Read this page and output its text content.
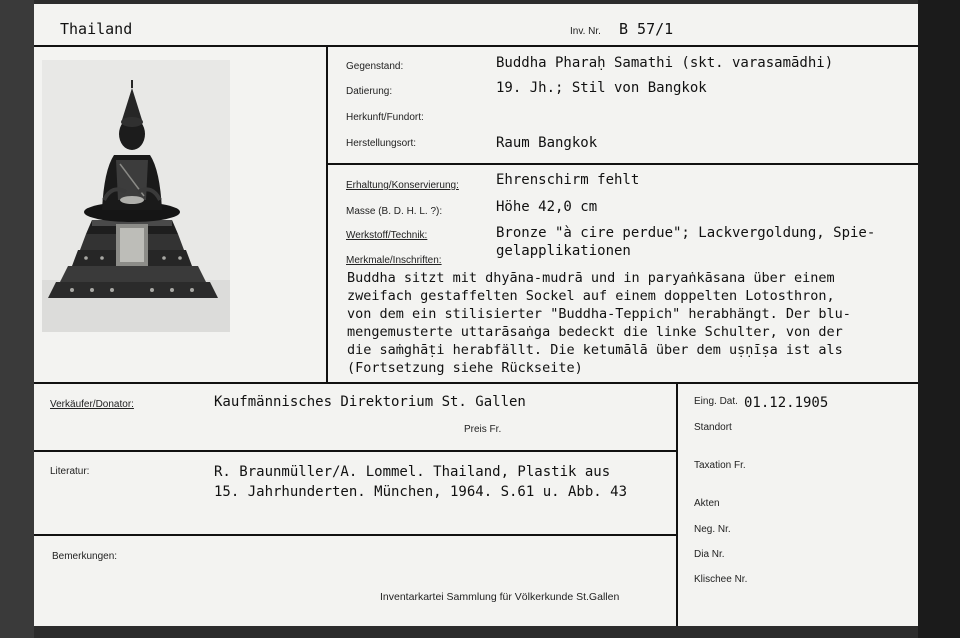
Thailand	Inv. Nr. B 57/1
Gegenstand:	Buddha Pharaḥ Samathi (skt. varasamādhi)
Datierung:	19. Jh.; Stil von Bangkok
Herkunft/Fundort:
Herstellungsort:	Raum Bangkok
Erhaltung/Konservierung:	Ehrenschirm fehlt
Masse (B. D. H. L. ?):	Höhe 42,0 cm
Werkstoff/Technik:	Bronze "à cire perdue"; Lackvergoldung, Spie-
gelapplikationen
Merkmale/Inschriften:
Buddha sitzt mit dhyāna-mudrā und in paryaṅkāsana über einem
zweifach gestaffelten Sockel auf einem doppelten Lotosthron,
von dem ein stilisierter "Buddha-Teppich" herabhängt. Der blu-
mengemusterte uttarāsaṅga bedeckt die linke Schulter, von der
die saṁghāṭi herabfällt. Die ketumālā über dem uṣṇīṣa ist als
(Fortsetzung siehe Rückseite)
Verkäufer/Donator:	Kaufmännisches Direktorium St. Gallen
Preis Fr.
Literatur:	R. Braunmüller/A. Lommel. Thailand, Plastik aus
15. Jahrhunderten. München, 1964. S.61 u. Abb. 43
Bemerkungen:
Inventarkartei Sammlung für Völkerkunde St.Gallen
Eing. Dat. 01.12.1905
Standort
Taxation Fr.
Akten
Neg. Nr.
Dia Nr.
Klischee Nr.
